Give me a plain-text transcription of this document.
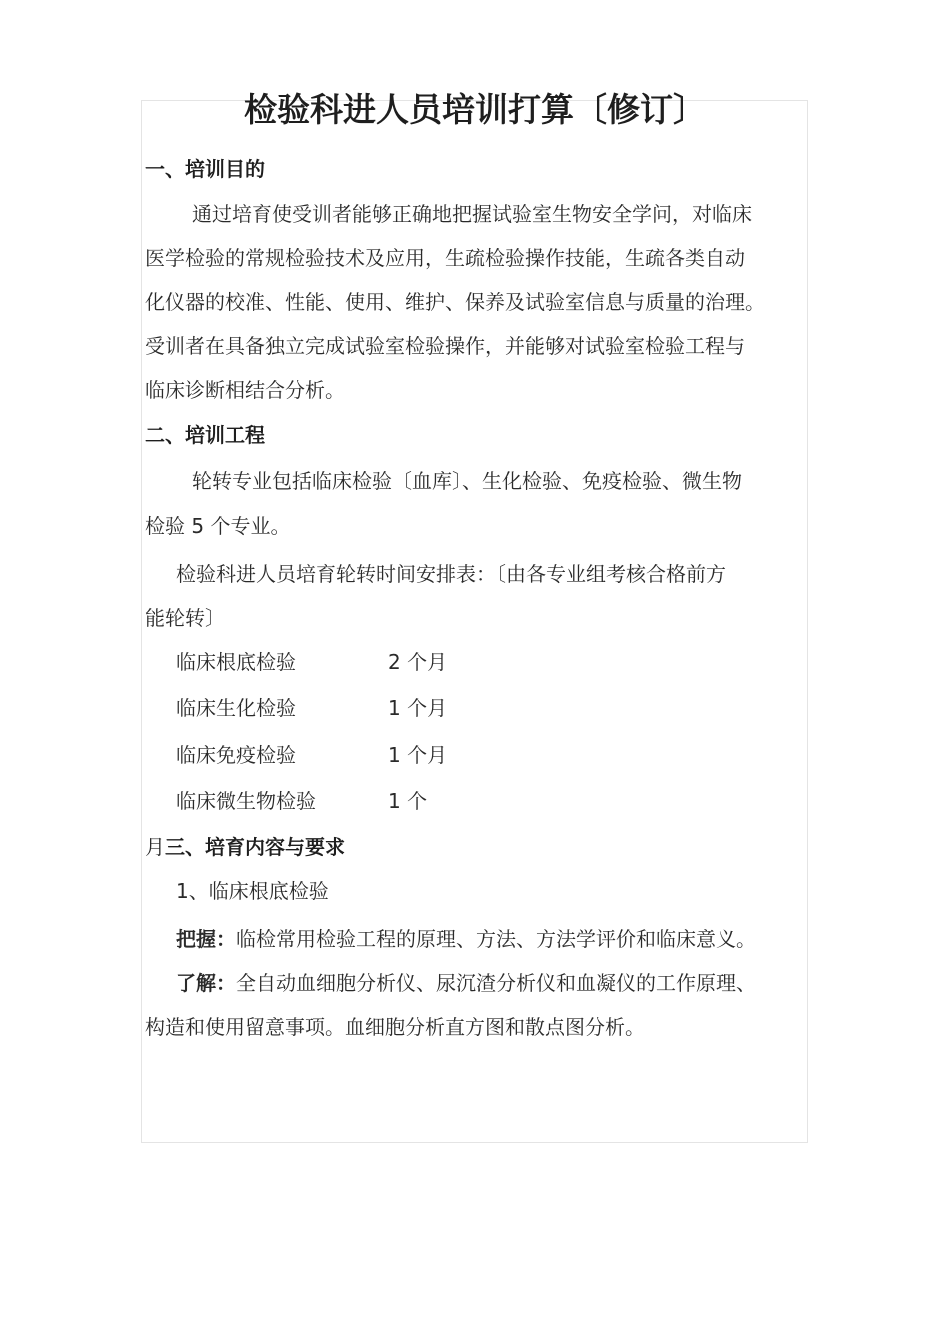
检验科进人员培训打算〔修订〕
一、培训目的
通过培育使受训者能够正确地把握试验室生物安全学问，对临床
医学检验的常规检验技术及应用，生疏检验操作技能，生疏各类自动
化仪器的校准、性能、使用、维护、保养及试验室信息与质量的治理。
受训者在具备独立完成试验室检验操作，并能够对试验室检验工程与
临床诊断相结合分析。
二、培训工程
轮转专业包括临床检验〔血库〕、生化检验、免疫检验、微生物
检验 5 个专业。
检验科进人员培育轮转时间安排表：〔由各专业组考核合格前方
能轮转〕
临床根底检验	2 个月
临床生化检验	1 个月
临床免疫检验	1 个月
临床微生物检验	1 个
月三、培育内容与要求
1、临床根底检验
把握：临检常用检验工程的原理、方法、方法学评价和临床意义。
了解：全自动血细胞分析仪、尿沉渣分析仪和血凝仪的工作原理、
构造和使用留意事项。血细胞分析直方图和散点图分析。
